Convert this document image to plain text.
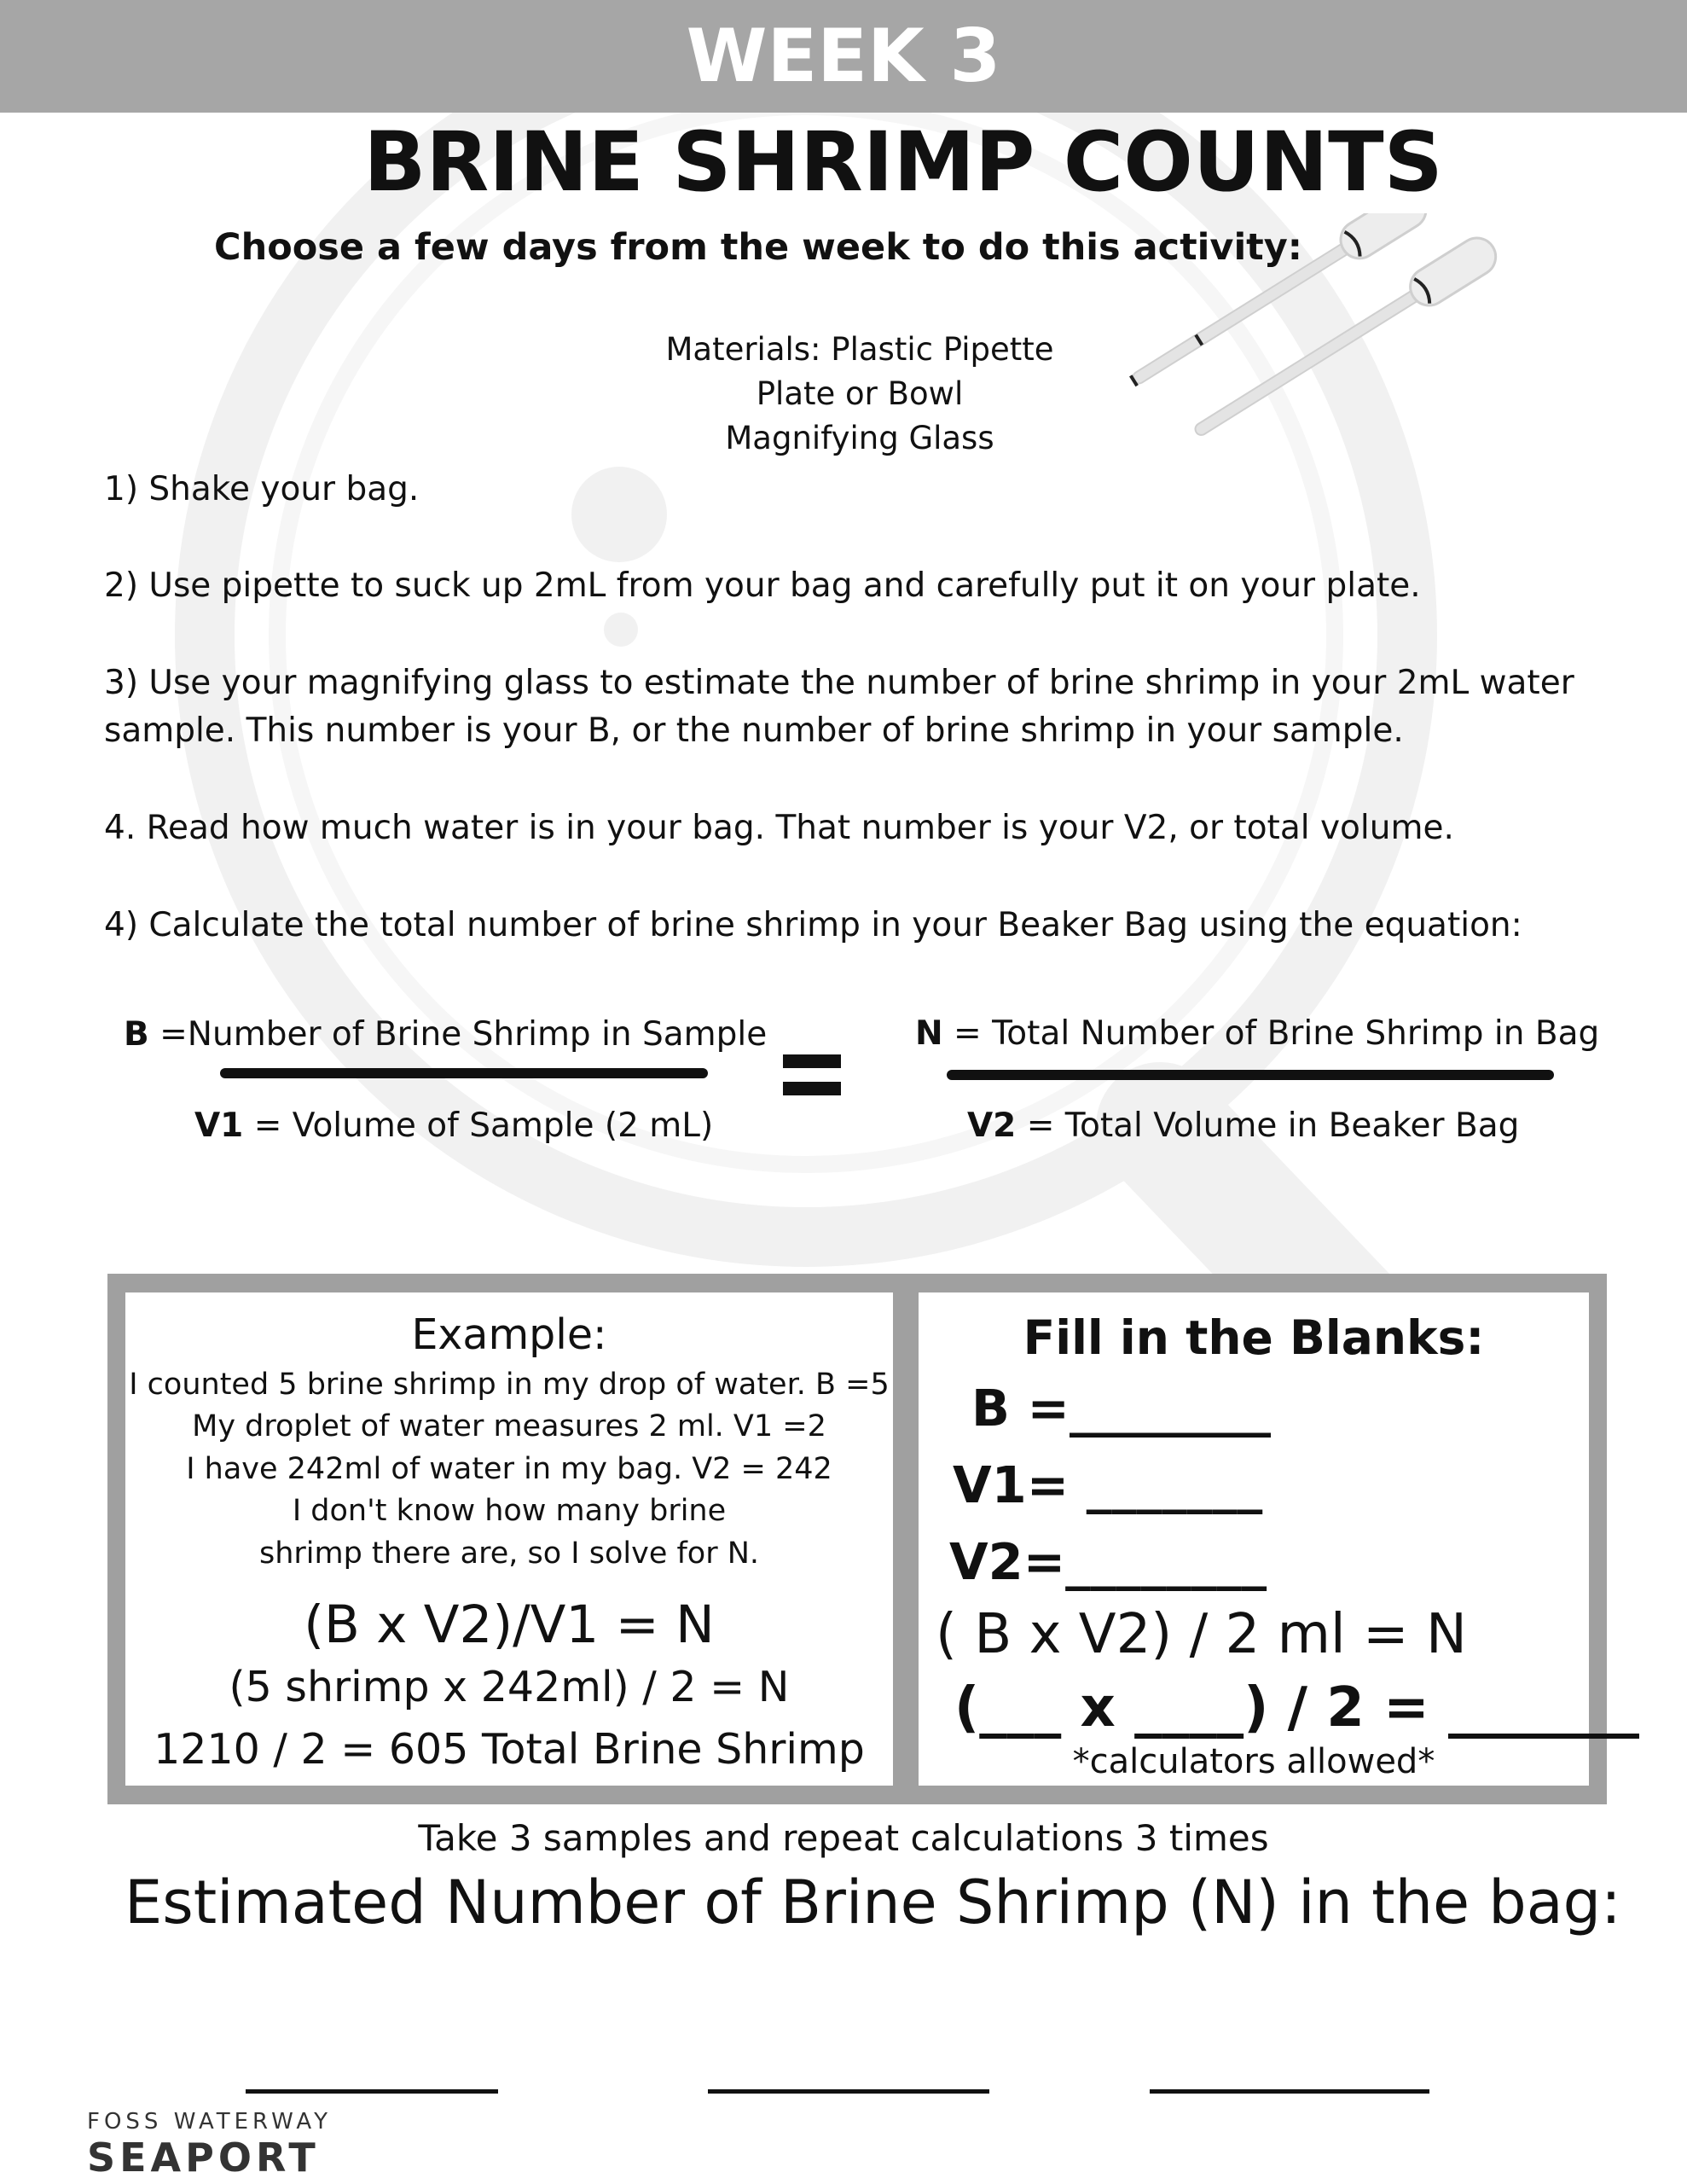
WEEK 3
BRINE SHRIMP COUNTS
Choose a few days from the week to do this activity:
Materials: Plastic Pipette
Plate or Bowl
Magnifying Glass
1) Shake your bag.
2) Use pipette to suck up 2mL from your bag and carefully put it on your plate.
3) Use your magnifying glass to estimate the number of brine shrimp in your 2mL water
sample. This number is your B, or the number of brine shrimp in your sample.
4. Read how much water is in your bag. That number is your V2, or total volume.
4) Calculate the total number of brine shrimp in your Beaker Bag using the equation:
B =Number of Brine Shrimp in Sample
V1 = Volume of Sample (2 mL)
N = Total Number of Brine Shrimp in Bag
V2 = Total Volume in Beaker Bag
Example:
I counted 5 brine shrimp in my drop of water. B =5
My droplet of water measures 2 ml. V1 =2
I have 242ml of water in my bag. V2 = 242
I don't know how many brine
shrimp there are, so I solve for N.
(B x V2)/V1 = N
(5 shrimp x 242ml) / 2 = N
1210 / 2 = 605 Total Brine Shrimp
Fill in the Blanks:
B =________
V1= _______
V2=________
( B x V2) / 2 ml = N
(___ x ____) / 2 = _______
*calculators allowed*
Take 3 samples and repeat calculations 3 times
Estimated Number of Brine Shrimp (N) in the bag:
FOSS WATERWAY
SEAPORT
